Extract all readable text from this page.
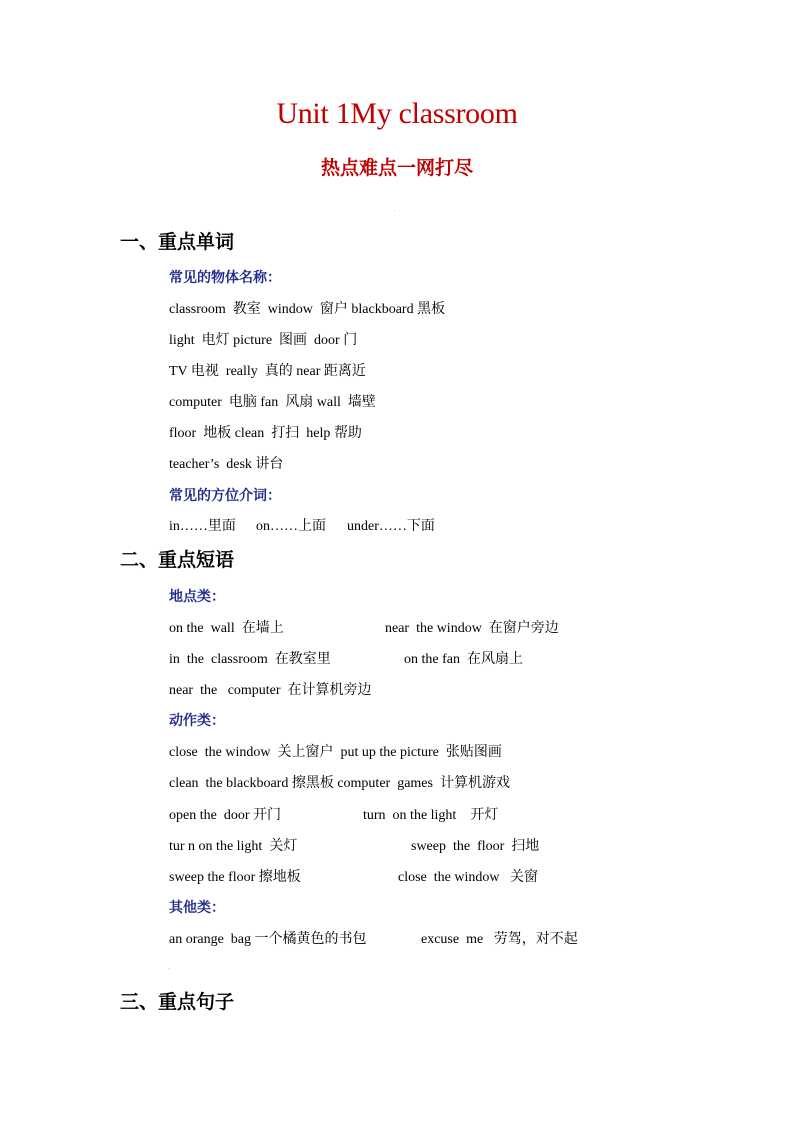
Unit 1My classroom
热点难点一网打尽
.
一、重点单词
常见的物体名称：
classroom  教室  window  窗户 blackboard 黑板
light  电灯 picture  图画  door 门
TV 电视  really  真的 near 距离近
computer  电脑 fan  风扇 wall  墙壁
floor  地板 clean  打扫  help 帮助
teacher’s  desk 讲台
常见的方位介词：
in……里面 on……上面 under……下面
二、重点短语
地点类：
on the  wall  在墙上	near  the window  在窗户旁边
in  the  classroom  在教室里	on the fan  在风扇上
near  the   computer  在计算机旁边
动作类：
close  the window  关上窗户  put up the picture  张贴图画
clean  the blackboard 擦黑板 computer  games  计算机游戏
open the  door 开门	turn  on the light    开灯
tur n on the light  关灯	sweep  the  floor  扫地
sweep the floor 擦地板	close  the window   关窗
其他类：
an orange  bag 一个橘黄色的书包	excuse  me   劳驾，对不起
.
三、重点句子
